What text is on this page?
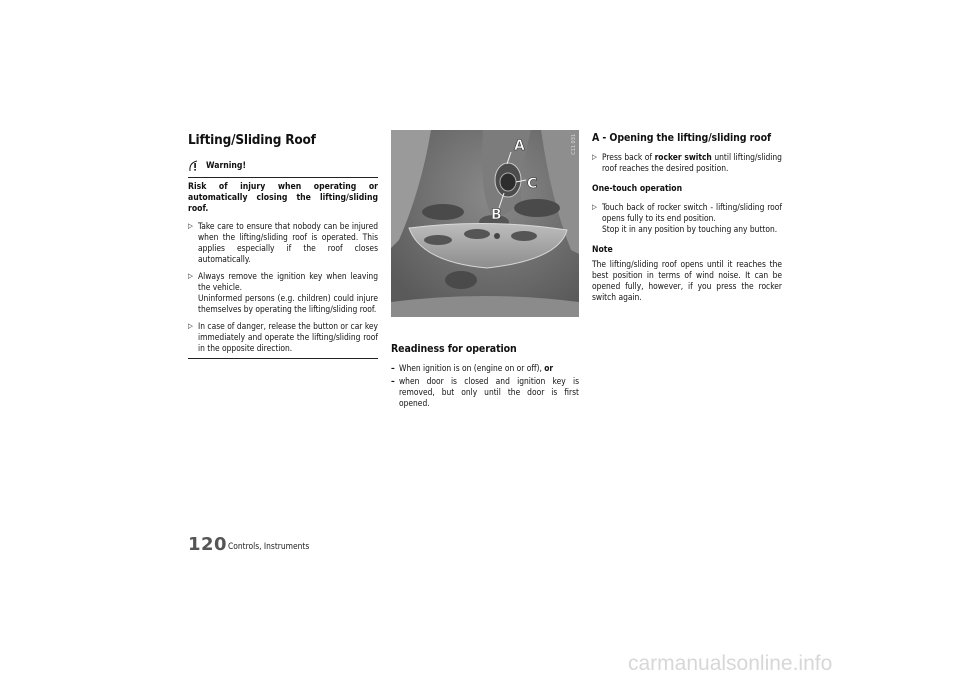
Lifting/Sliding Roof
Warning!

Risk of injury when operating or automatically closing the lifting/sliding roof.

▷ Take care to ensure that nobody can be injured when the lifting/sliding roof is operated. This applies especially if the roof closes automatically.
▷ Always remove the ignition key when leaving the vehicle.
Uninformed persons (e.g. children) could injure themselves by operating the lifting/sliding roof.
▷ In case of danger, release the button or car key immediately and operate the lifting/sliding roof in the opposite direction.
A
C
B
C11 031
Readiness for operation
– When ignition is on (engine on or off), or
– when door is closed and ignition key is removed, but only until the door is first opened.
A - Opening the lifting/sliding roof
▷ Press back of rocker switch until lifting/sliding roof reaches the desired position.
One-touch operation
▷ Touch back of rocker switch - lifting/sliding roof opens fully to its end position.
Stop it in any position by touching any button.
Note

The lifting/sliding roof opens until it reaches the best position in terms of wind noise. It can be opened fully, however, if you press the rocker switch again.

120 Controls, Instruments
carmanualsonline.info
